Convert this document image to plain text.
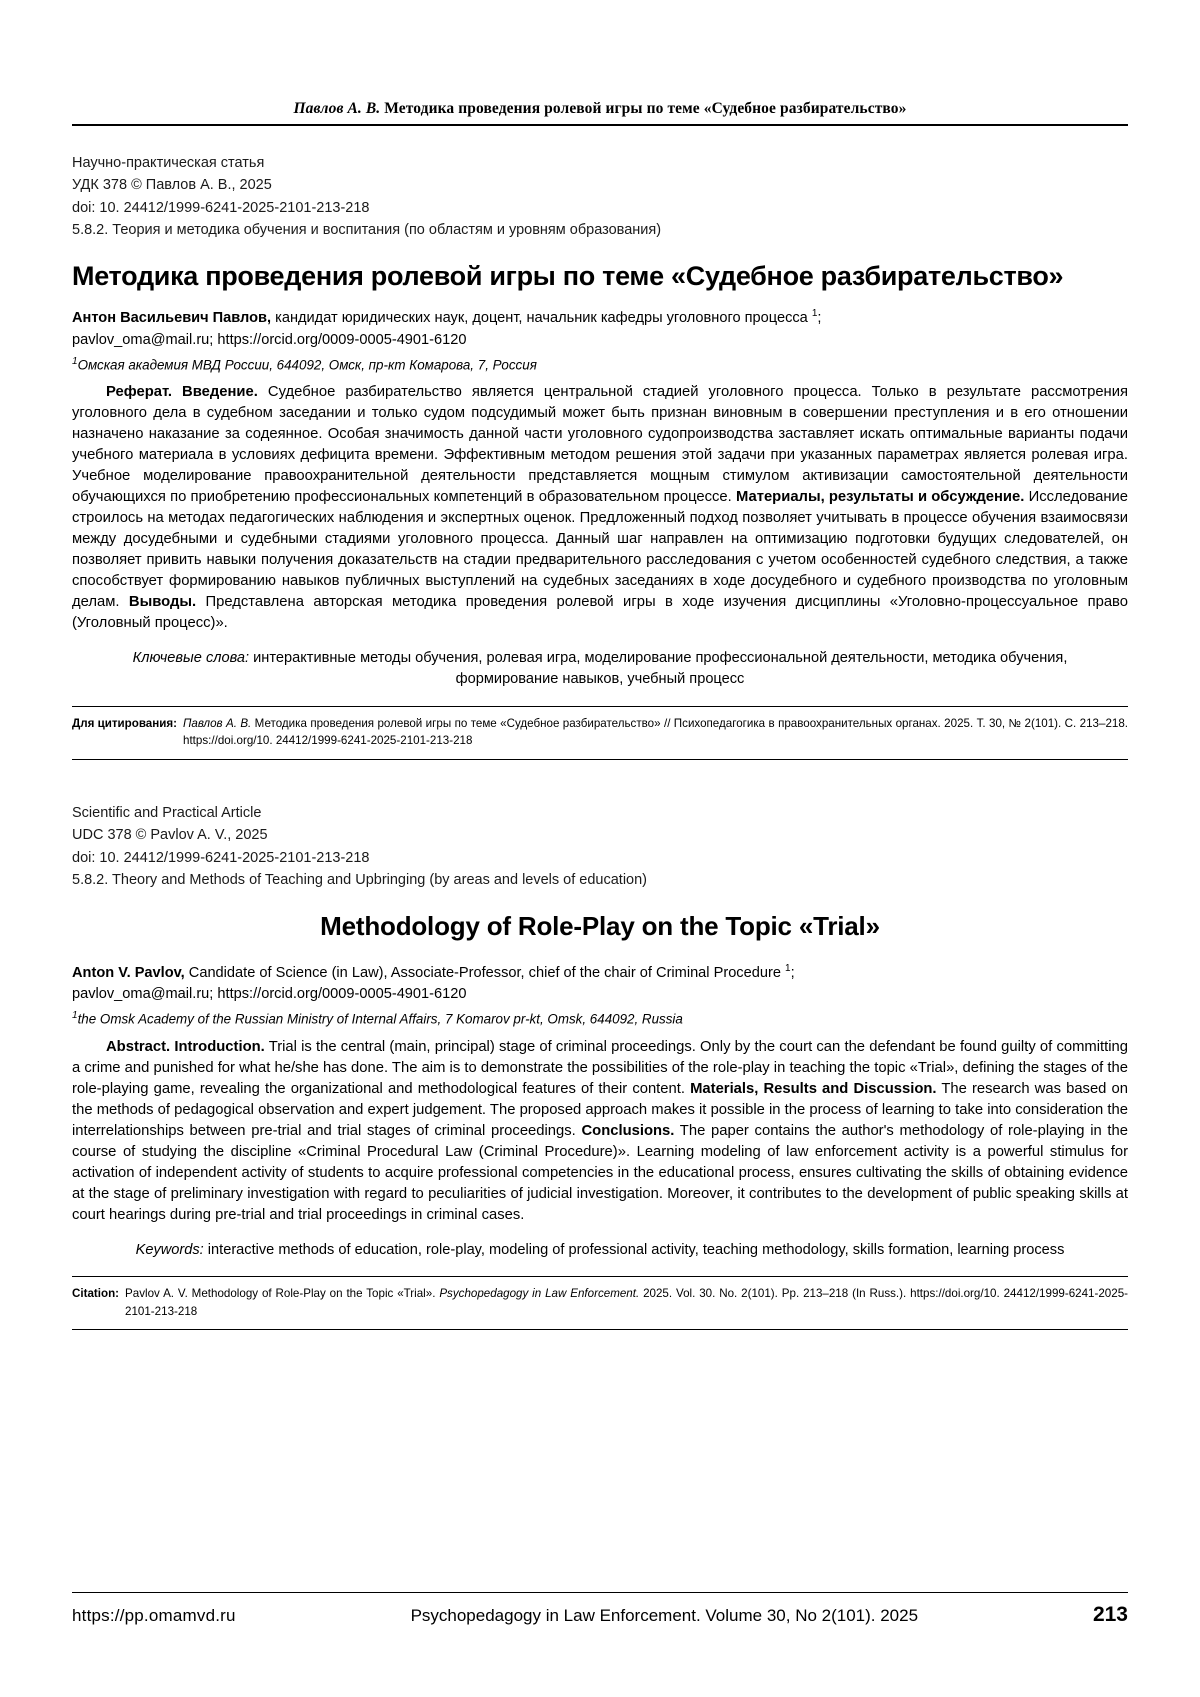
Павлов А. В. Методика проведения ролевой игры по теме «Судебное разбирательство»
Научно-практическая статья
УДК 378 © Павлов А. В., 2025
doi: 10. 24412/1999-6241-2025-2101-213-218
5.8.2. Теория и методика обучения и воспитания (по областям и уровням образования)
Методика проведения ролевой игры по теме «Судебное разбирательство»
Антон Васильевич Павлов, кандидат юридических наук, доцент, начальник кафедры уголовного процесса $^1$;
pavlov_oma@mail.ru; https://orcid.org/0009-0005-4901-6120
$^1$Омская академия МВД России, 644092, Омск, пр-кт Комарова, 7, Россия
Реферат. Введение. Судебное разбирательство является центральной стадией уголовного процесса. Только в результате рассмотрения уголовного дела в судебном заседании и только судом подсудимый может быть признан виновным в совершении преступления и в его отношении назначено наказание за содеянное. Особая значимость данной части уголовного судопроизводства заставляет искать оптимальные варианты подачи учебного материала в условиях дефицита времени. Эффективным методом решения этой задачи при указанных параметрах является ролевая игра. Учебное моделирование правоохранительной деятельности представляется мощным стимулом активизации самостоятельной деятельности обучающихся по приобретению профессиональных компетенций в образовательном процессе. Материалы, результаты и обсуждение. Исследование строилось на методах педагогических наблюдения и экспертных оценок. Предложенный подход позволяет учитывать в процессе обучения взаимосвязи между досудебными и судебными стадиями уголовного процесса. Данный шаг направлен на оптимизацию подготовки будущих следователей, он позволяет привить навыки получения доказательств на стадии предварительного расследования с учетом особенностей судебного следствия, а также способствует формированию навыков публичных выступлений на судебных заседаниях в ходе досудебного и судебного производства по уголовным делам. Выводы. Представлена авторская методика проведения ролевой игры в ходе изучения дисциплины «Уголовно-процессуальное право (Уголовный процесс)».
Ключевые слова: интерактивные методы обучения, ролевая игра, моделирование профессиональной деятельности, методика обучения, формирование навыков, учебный процесс
Для цитирования: Павлов А. В. Методика проведения ролевой игры по теме «Судебное разбирательство» // Психопедагогика в правоохранительных органах. 2025. Т. 30, № 2(101). С. 213–218. https://doi.org/10. 24412/1999-6241-2025-2101-213-218
Scientific and Practical Article
UDC 378 © Pavlov A. V., 2025
doi: 10. 24412/1999-6241-2025-2101-213-218
5.8.2. Theory and Methods of Teaching and Upbringing (by areas and levels of education)
Methodology of Role-Play on the Topic «Trial»
Anton V. Pavlov, Candidate of Science (in Law), Associate-Professor, chief of the chair of Criminal Procedure $^1$;
pavlov_oma@mail.ru; https://orcid.org/0009-0005-4901-6120
$^1$the Omsk Academy of the Russian Ministry of Internal Affairs, 7 Komarov pr-kt, Omsk, 644092, Russia
Abstract. Introduction. Trial is the central (main, principal) stage of criminal proceedings. Only by the court can the defendant be found guilty of committing a crime and punished for what he/she has done. The aim is to demonstrate the possibilities of the role-play in teaching the topic «Trial», defining the stages of the role-playing game, revealing the organizational and methodological features of their content. Materials, Results and Discussion. The research was based on the methods of pedagogical observation and expert judgement. The proposed approach makes it possible in the process of learning to take into consideration the interrelationships between pre-trial and trial stages of criminal proceedings. Conclusions. The paper contains the author's methodology of role-playing in the course of studying the discipline «Criminal Procedural Law (Criminal Procedure)». Learning modeling of law enforcement activity is a powerful stimulus for activation of independent activity of students to acquire professional competencies in the educational process, ensures cultivating the skills of obtaining evidence at the stage of preliminary investigation with regard to peculiarities of judicial investigation. Moreover, it contributes to the development of public speaking skills at court hearings during pre-trial and trial proceedings in criminal cases.
Keywords: interactive methods of education, role-play, modeling of professional activity, teaching methodology, skills formation, learning process
Citation: Pavlov A. V. Methodology of Role-Play on the Topic «Trial». Psychopedagogy in Law Enforcement. 2025. Vol. 30. No. 2(101). Pp. 213–218 (In Russ.). https://doi.org/10. 24412/1999-6241-2025-2101-213-218
https://pp.omamvd.ru	Psychopedagogy in Law Enforcement. Volume 30, No 2(101). 2025	213
